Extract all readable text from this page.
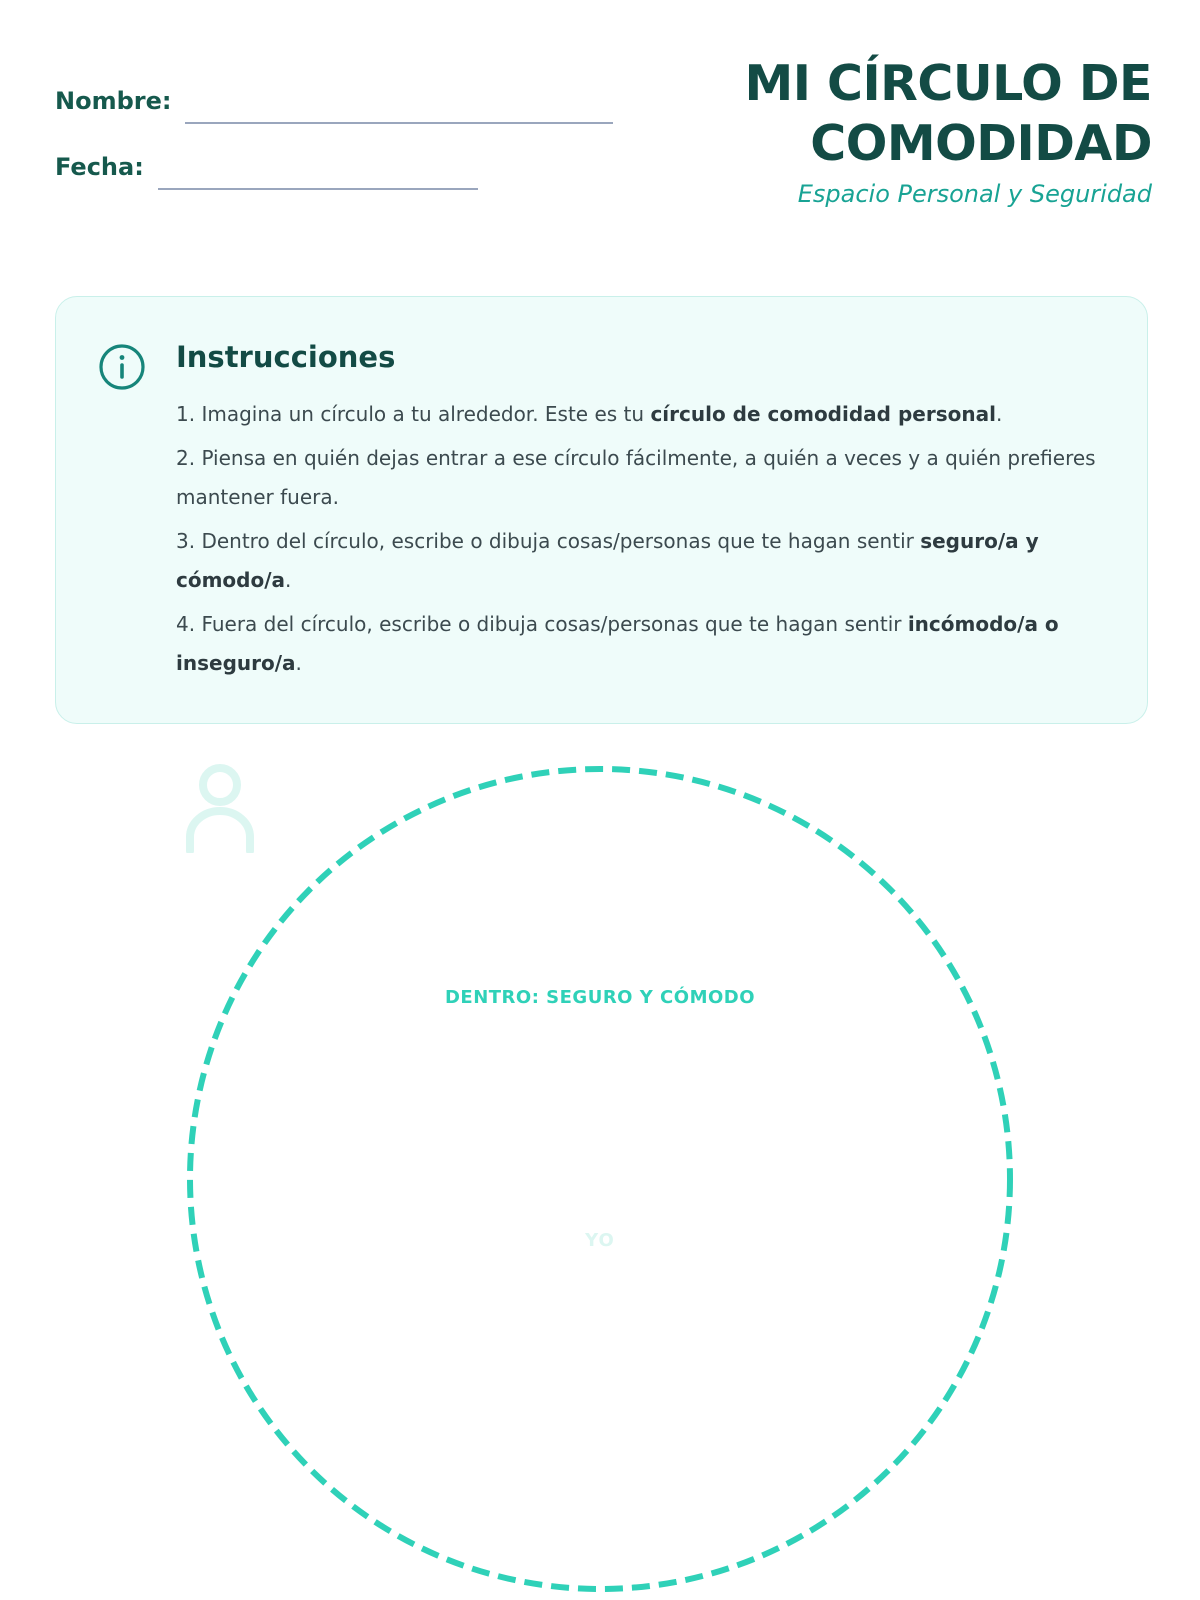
Nombre:
Fecha:
MI CÍRCULO DE
COMODIDAD
Espacio Personal y Seguridad
Instrucciones
1. Imagina un círculo a tu alrededor. Este es tu círculo de comodidad personal.
2. Piensa en quién dejas entrar a ese círculo fácilmente, a quién a veces y a quién prefieres mantener fuera.
3. Dentro del círculo, escribe o dibuja cosas/personas que te hagan sentir seguro/a y cómodo/a.
4. Fuera del círculo, escribe o dibuja cosas/personas que te hagan sentir incómodo/a o inseguro/a.
DENTRO: SEGURO Y CÓMODO
YO
